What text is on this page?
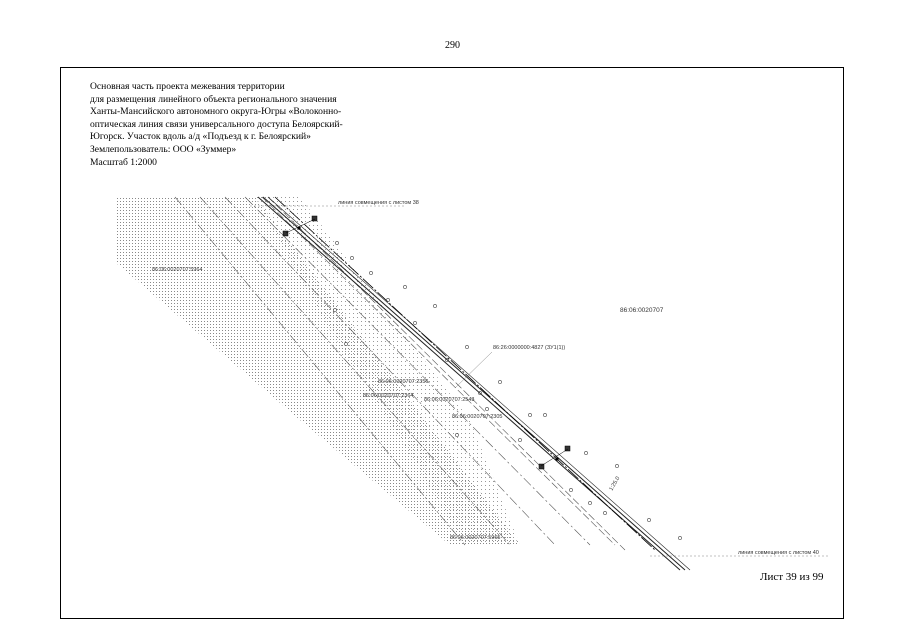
290
Основная часть проекта межевания территории
для размещения линейного объекта регионального значения
Ханты-Мансийского автономного округа-Югры «Волоконно-
оптическая линия связи универсального доступа Белоярский-
Югорск. Участок вдоль а/д «Подъезд к г. Белоярский»
Землепользователь: ООО «Зуммер»
Масштаб 1:2000
линия совмещения с листом 38
линия совмещения с листом 40
86:06:0020707:5964
86:06:0020707
86:26:0000000:4827 (ЗУ1(1))
86:06:0020707:2356
86:06:0020707:2364
86:06:0020707:2543
86:06:0020707:2305
86:06:0020707:5965
1:25.0
Лист 39 из 99
